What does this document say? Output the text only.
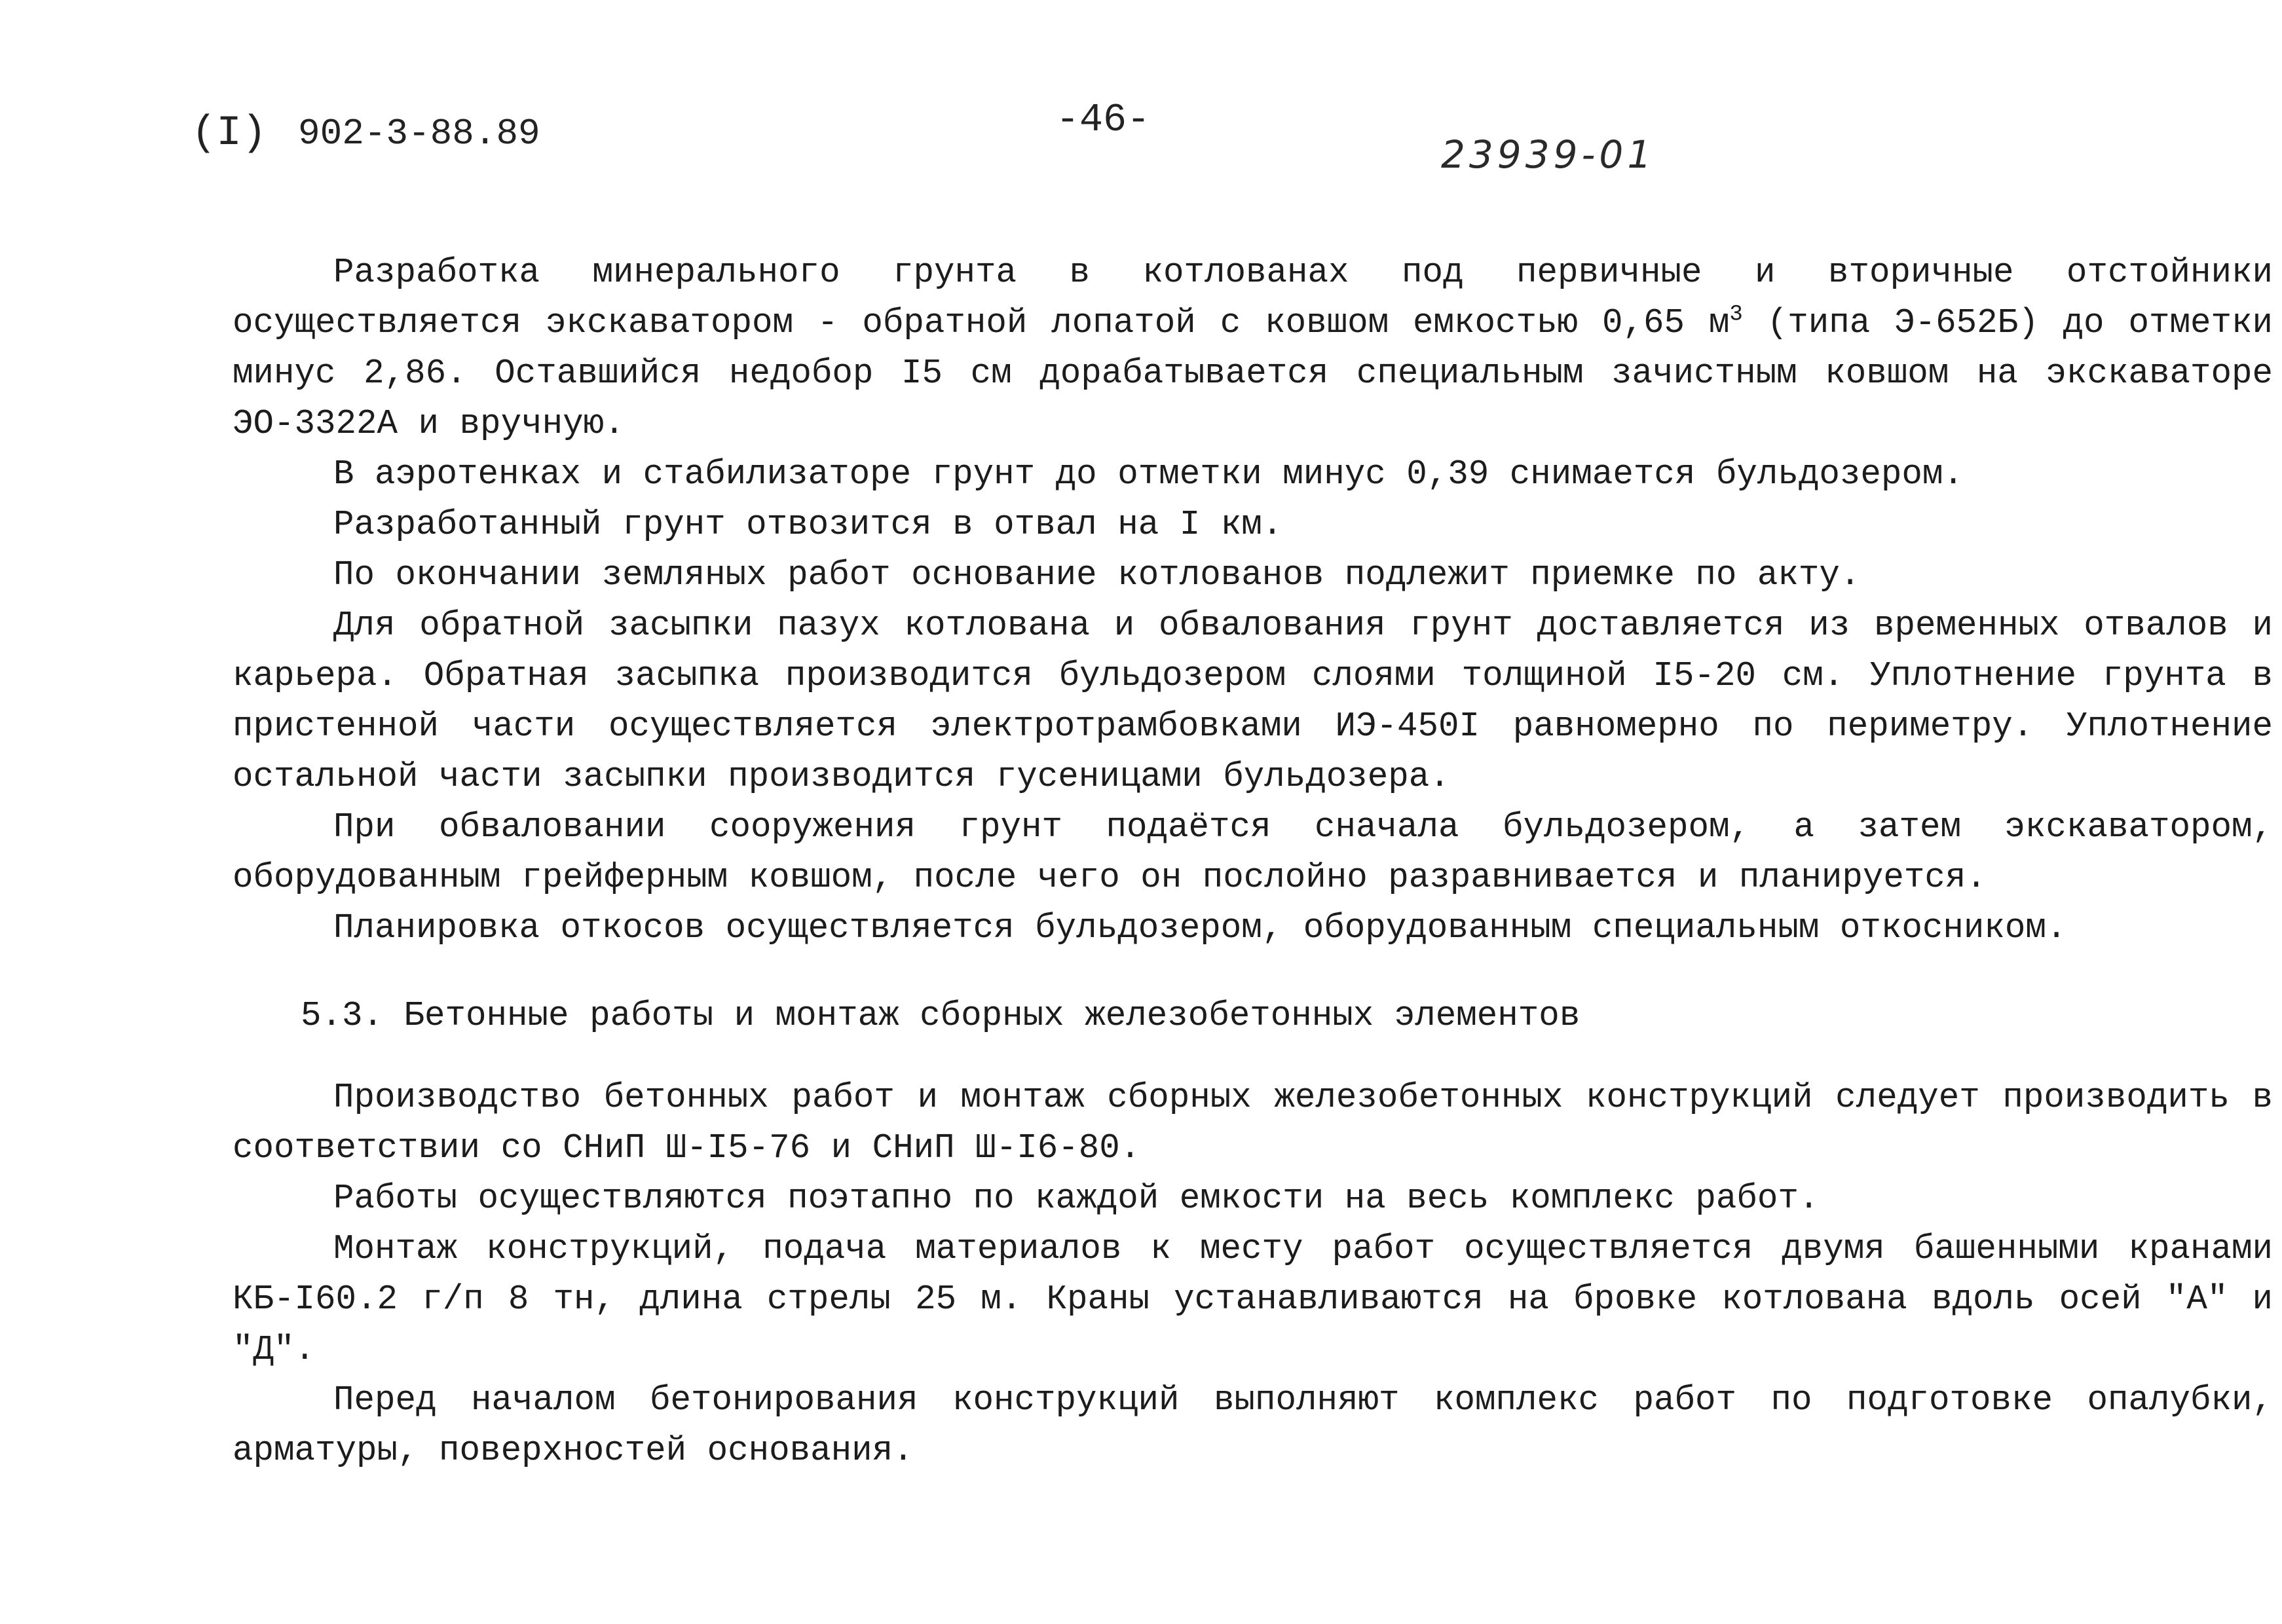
(I) 902-3-88.89	-46-
23939-01

Разработка минерального грунта в котлованах под первичные и вторичные отстойники осуществляется экскаватором - обратной лопатой с ковшом емкостью 0,65 $м^3$ (типа Э-652Б) до отметки минус 2,86. Оставшийся недобор I5 см дорабатывается специальным зачистным ковшом на экскаваторе ЭО-3322А и вручную.

В аэротенках и стабилизаторе грунт до отметки минус 0,39 снимается бульдозером.

Разработанный грунт отвозится в отвал на I км.

По окончании земляных работ основание котлованов подлежит приемке по акту.

Для обратной засыпки пазух котлована и обвалования грунт доставляется из временных отвалов и карьера. Обратная засыпка производится бульдозером слоями толщиной I5-20 см. Уплотнение грунта в пристенной части осуществляется электротрамбовками ИЭ-450I равномерно по периметру. Уплотнение остальной части засыпки производится гусеницами бульдозера.

При обваловании сооружения грунт подаётся сначала бульдозером, а затем экскаватором, оборудованным грейферным ковшом, после чего он послойно разравнивается и планируется.

Планировка откосов осуществляется бульдозером, оборудованным специальным откосником.

5.3. Бетонные работы и монтаж сборных железобетонных элементов

Производство бетонных работ и монтаж сборных железобетонных конструкций следует производить в соответствии со СНиП Ш-I5-76 и СНиП Ш-I6-80.

Работы осуществляются поэтапно по каждой емкости на весь комплекс работ.

Монтаж конструкций, подача материалов к месту работ осуществляется двумя башенными кранами КБ-I60.2 г/п 8 тн, длина стрелы 25 м. Краны устанавливаются на бровке котлована вдоль осей "А" и "Д".

Перед началом бетонирования конструкций выполняют комплекс работ по подготовке опалубки, арматуры, поверхностей основания.
